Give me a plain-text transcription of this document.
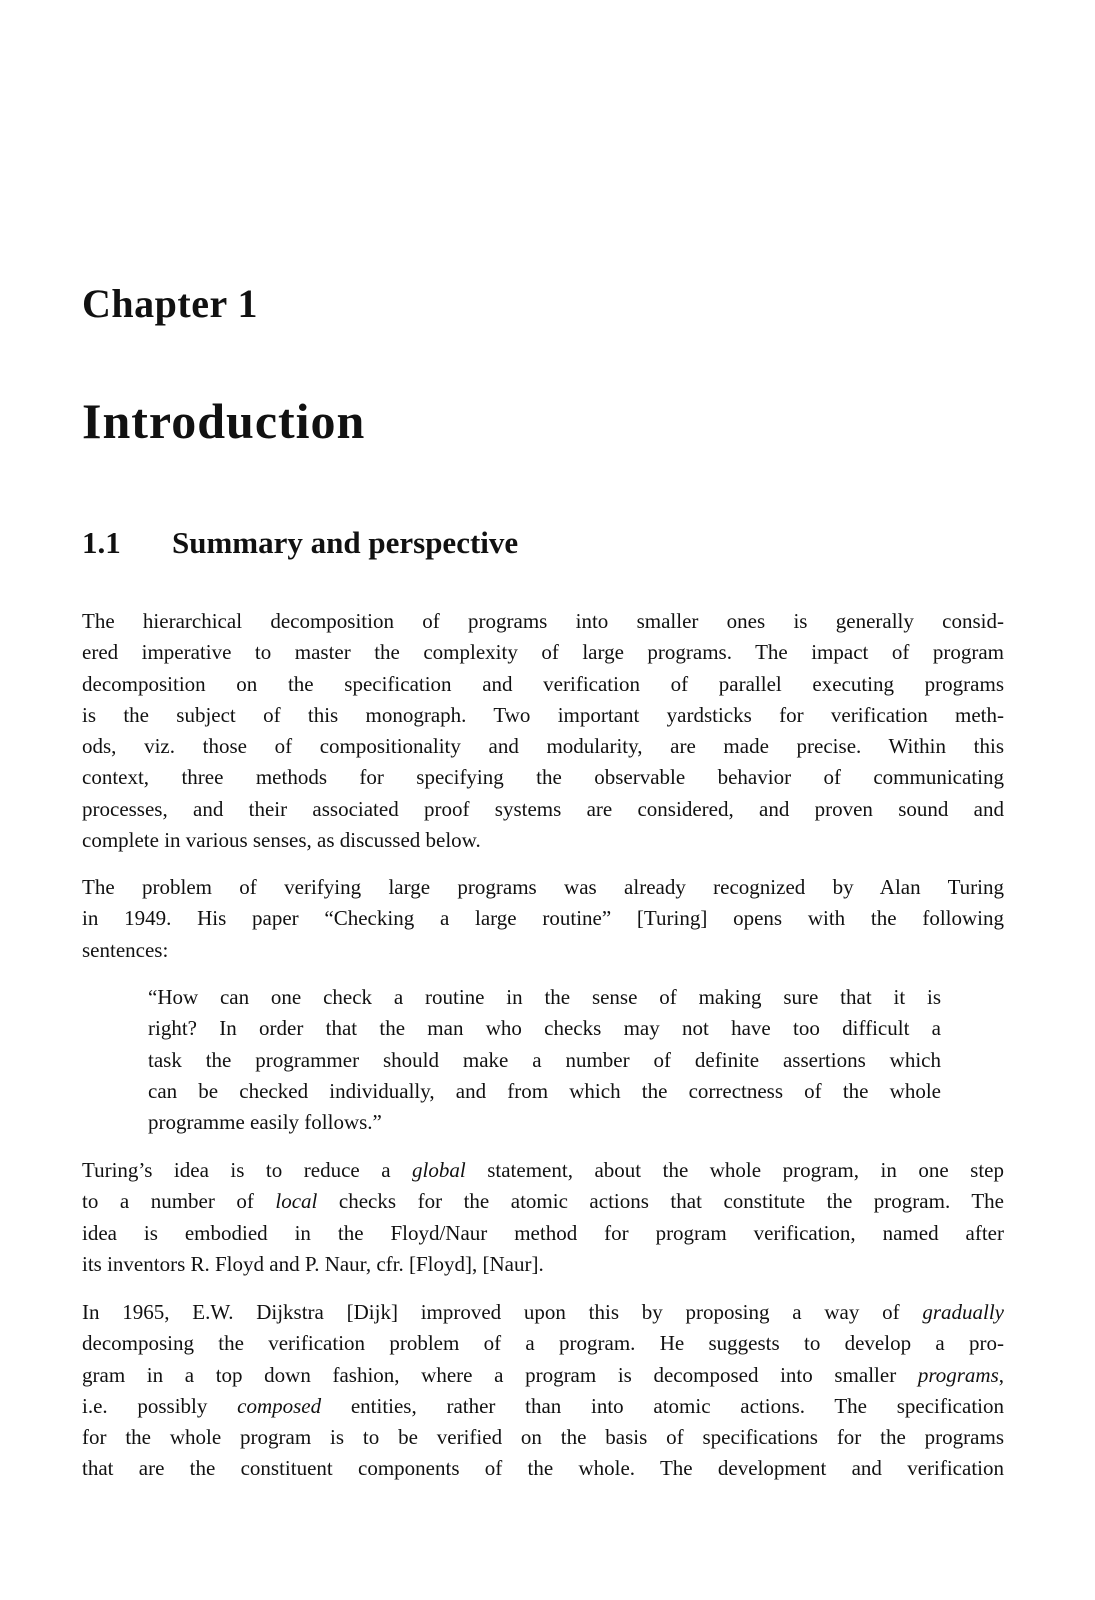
Chapter 1
Introduction
1.1 Summary and perspective

The hierarchical decomposition of programs into smaller ones is generally consid-
ered imperative to master the complexity of large programs. The impact of program
decomposition on the specification and verification of parallel executing programs
is the subject of this monograph. Two important yardsticks for verification meth-
ods, viz. those of compositionality and modularity, are made precise. Within this
context, three methods for specifying the observable behavior of communicating
processes, and their associated proof systems are considered, and proven sound and
complete in various senses, as discussed below.

The problem of verifying large programs was already recognized by Alan Turing
in 1949. His paper “Checking a large routine” [Turing] opens with the following
sentences:

“How can one check a routine in the sense of making sure that it is
right? In order that the man who checks may not have too difficult a
task the programmer should make a number of definite assertions which
can be checked individually, and from which the correctness of the whole
programme easily follows.”

Turing’s idea is to reduce a global statement, about the whole program, in one step
to a number of local checks for the atomic actions that constitute the program. The
idea is embodied in the Floyd/Naur method for program verification, named after
its inventors R. Floyd and P. Naur, cfr. [Floyd], [Naur].

In 1965, E.W. Dijkstra [Dijk] improved upon this by proposing a way of gradually
decomposing the verification problem of a program. He suggests to develop a pro-
gram in a top down fashion, where a program is decomposed into smaller programs,
i.e. possibly composed entities, rather than into atomic actions. The specification
for the whole program is to be verified on the basis of specifications for the programs
that are the constituent components of the whole. The development and verification
